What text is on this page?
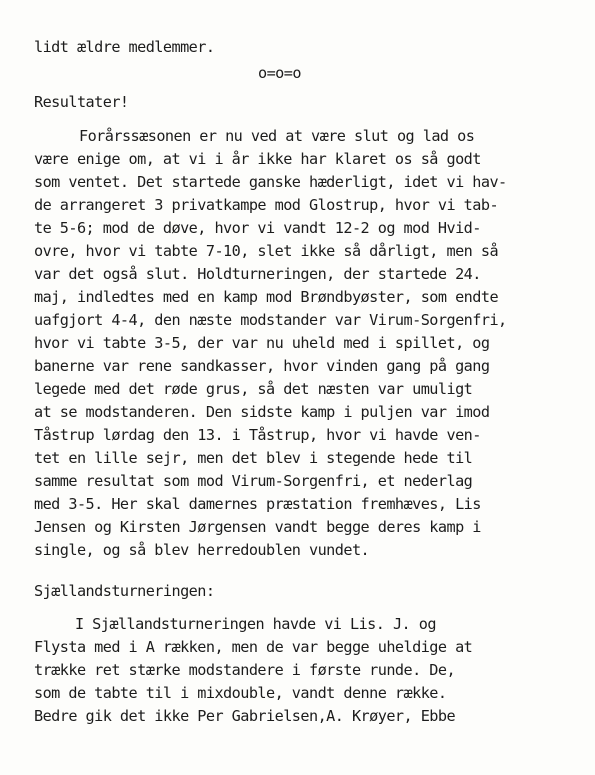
lidt ældre medlemmer.
o=o=o
Resultater!
Forårssæsonen er nu ved at være slut og lad os
være enige om, at vi i år ikke har klaret os så godt
som ventet. Det startede ganske hæderligt, idet vi hav-
de arrangeret 3 privatkampe mod Glostrup, hvor vi tab-
te 5-6; mod de døve, hvor vi vandt 12-2 og mod Hvid-
ovre, hvor vi tabte 7-10, slet ikke så dårligt, men så
var det også slut. Holdturneringen, der startede 24.
maj, indledtes med en kamp mod Brøndbyøster, som endte
uafgjort 4-4, den næste modstander var Virum-Sorgenfri,
hvor vi tabte 3-5, der var nu uheld med i spillet, og
banerne var rene sandkasser, hvor vinden gang på gang
legede med det røde grus, så det næsten var umuligt
at se modstanderen. Den sidste kamp i puljen var imod
Tåstrup lørdag den 13. i Tåstrup, hvor vi havde ven-
tet en lille sejr, men det blev i stegende hede til
samme resultat som mod Virum-Sorgenfri, et nederlag
med 3-5. Her skal damernes præstation fremhæves, Lis
Jensen og Kirsten Jørgensen vandt begge deres kamp i
single, og så blev herredoublen vundet.
Sjællandsturneringen:
I Sjællandsturneringen havde vi Lis. J. og
Flysta med i A rækken, men de var begge uheldige at
trække ret stærke modstandere i første runde. De,
som de tabte til i mixdouble, vandt denne række.
Bedre gik det ikke Per Gabrielsen,A. Krøyer, Ebbe
